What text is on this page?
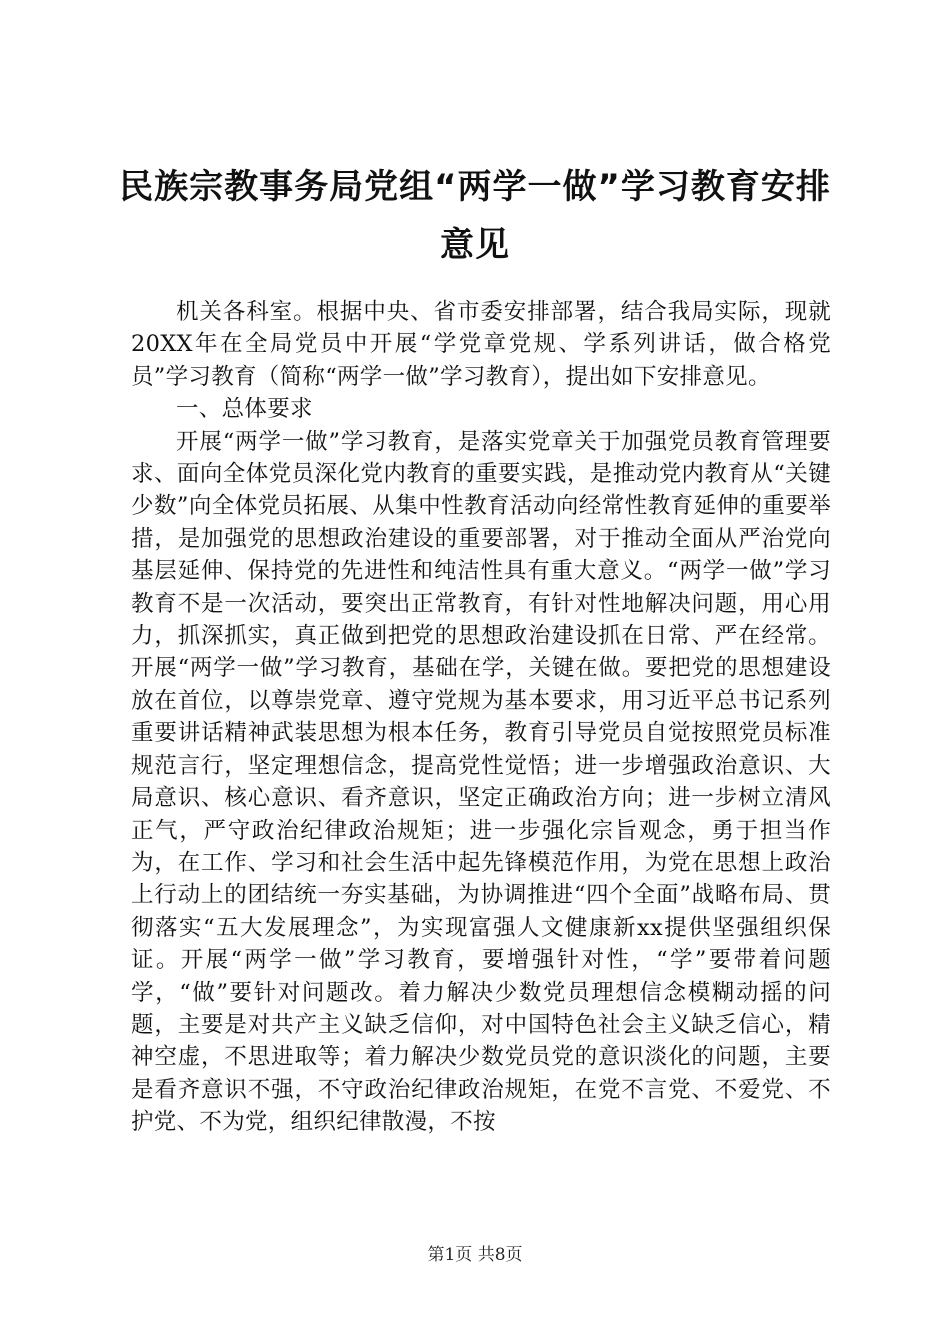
民族宗教事务局党组“两学一做”学习教育安排意见

机关各科室。根据中央、省市委安排部署，结合我局实际，现就20XX年在全局党员中开展“学党章党规、学系列讲话，做合格党员”学习教育（简称“两学一做”学习教育），提出如下安排意见。

一、总体要求

开展“两学一做”学习教育，是落实党章关于加强党员教育管理要求、面向全体党员深化党内教育的重要实践，是推动党内教育从“关键少数”向全体党员拓展、从集中性教育活动向经常性教育延伸的重要举措，是加强党的思想政治建设的重要部署，对于推动全面从严治党向基层延伸、保持党的先进性和纯洁性具有重大意义。“两学一做”学习教育不是一次活动，要突出正常教育，有针对性地解决问题，用心用力，抓深抓实，真正做到把党的思想政治建设抓在日常、严在经常。开展“两学一做”学习教育，基础在学，关键在做。要把党的思想建设放在首位，以尊崇党章、遵守党规为基本要求，用习近平总书记系列重要讲话精神武装思想为根本任务，教育引导党员自觉按照党员标准规范言行，坚定理想信念，提高党性觉悟；进一步增强政治意识、大局意识、核心意识、看齐意识，坚定正确政治方向；进一步树立清风正气，严守政治纪律政治规矩；进一步强化宗旨观念，勇于担当作为，在工作、学习和社会生活中起先锋模范作用，为党在思想上政治上行动上的团结统一夯实基础，为协调推进“四个全面”战略布局、贯彻落实“五大发展理念”，为实现富强人文健康新xx提供坚强组织保证。开展“两学一做”学习教育，要增强针对性，“学”要带着问题学，“做”要针对问题改。着力解决少数党员理想信念模糊动摇的问题，主要是对共产主义缺乏信仰，对中国特色社会主义缺乏信心，精神空虚，不思进取等；着力解决少数党员党的意识淡化的问题，主要是看齐意识不强，不守政治纪律政治规矩，在党不言党、不爱党、不护党、不为党，组织纪律散漫，不按

第1页 共8页
